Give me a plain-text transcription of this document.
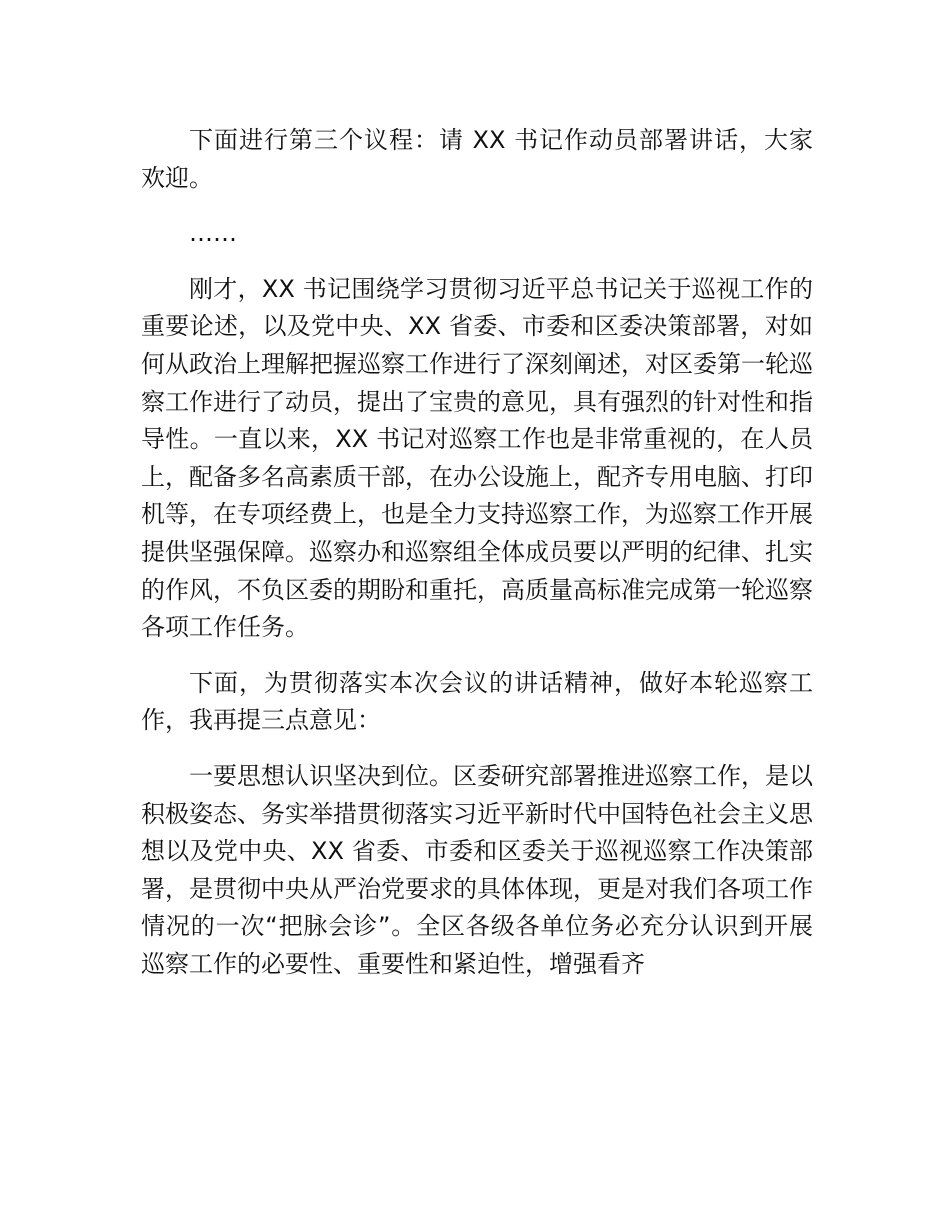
下面进行第三个议程：请 XX 书记作动员部署讲话，大家欢迎。

……

刚才，XX 书记围绕学习贯彻习近平总书记关于巡视工作的重要论述，以及党中央、XX 省委、市委和区委决策部署，对如何从政治上理解把握巡察工作进行了深刻阐述，对区委第一轮巡察工作进行了动员，提出了宝贵的意见，具有强烈的针对性和指导性。一直以来，XX 书记对巡察工作也是非常重视的，在人员上，配备多名高素质干部，在办公设施上，配齐专用电脑、打印机等，在专项经费上，也是全力支持巡察工作，为巡察工作开展提供坚强保障。巡察办和巡察组全体成员要以严明的纪律、扎实的作风，不负区委的期盼和重托，高质量高标准完成第一轮巡察各项工作任务。

下面，为贯彻落实本次会议的讲话精神，做好本轮巡察工作，我再提三点意见：

一要思想认识坚决到位。区委研究部署推进巡察工作，是以积极姿态、务实举措贯彻落实习近平新时代中国特色社会主义思想以及党中央、XX 省委、市委和区委关于巡视巡察工作决策部署，是贯彻中央从严治党要求的具体体现，更是对我们各项工作情况的一次“把脉会诊”。全区各级各单位务必充分认识到开展巡察工作的必要性、重要性和紧迫性，增强看齐
